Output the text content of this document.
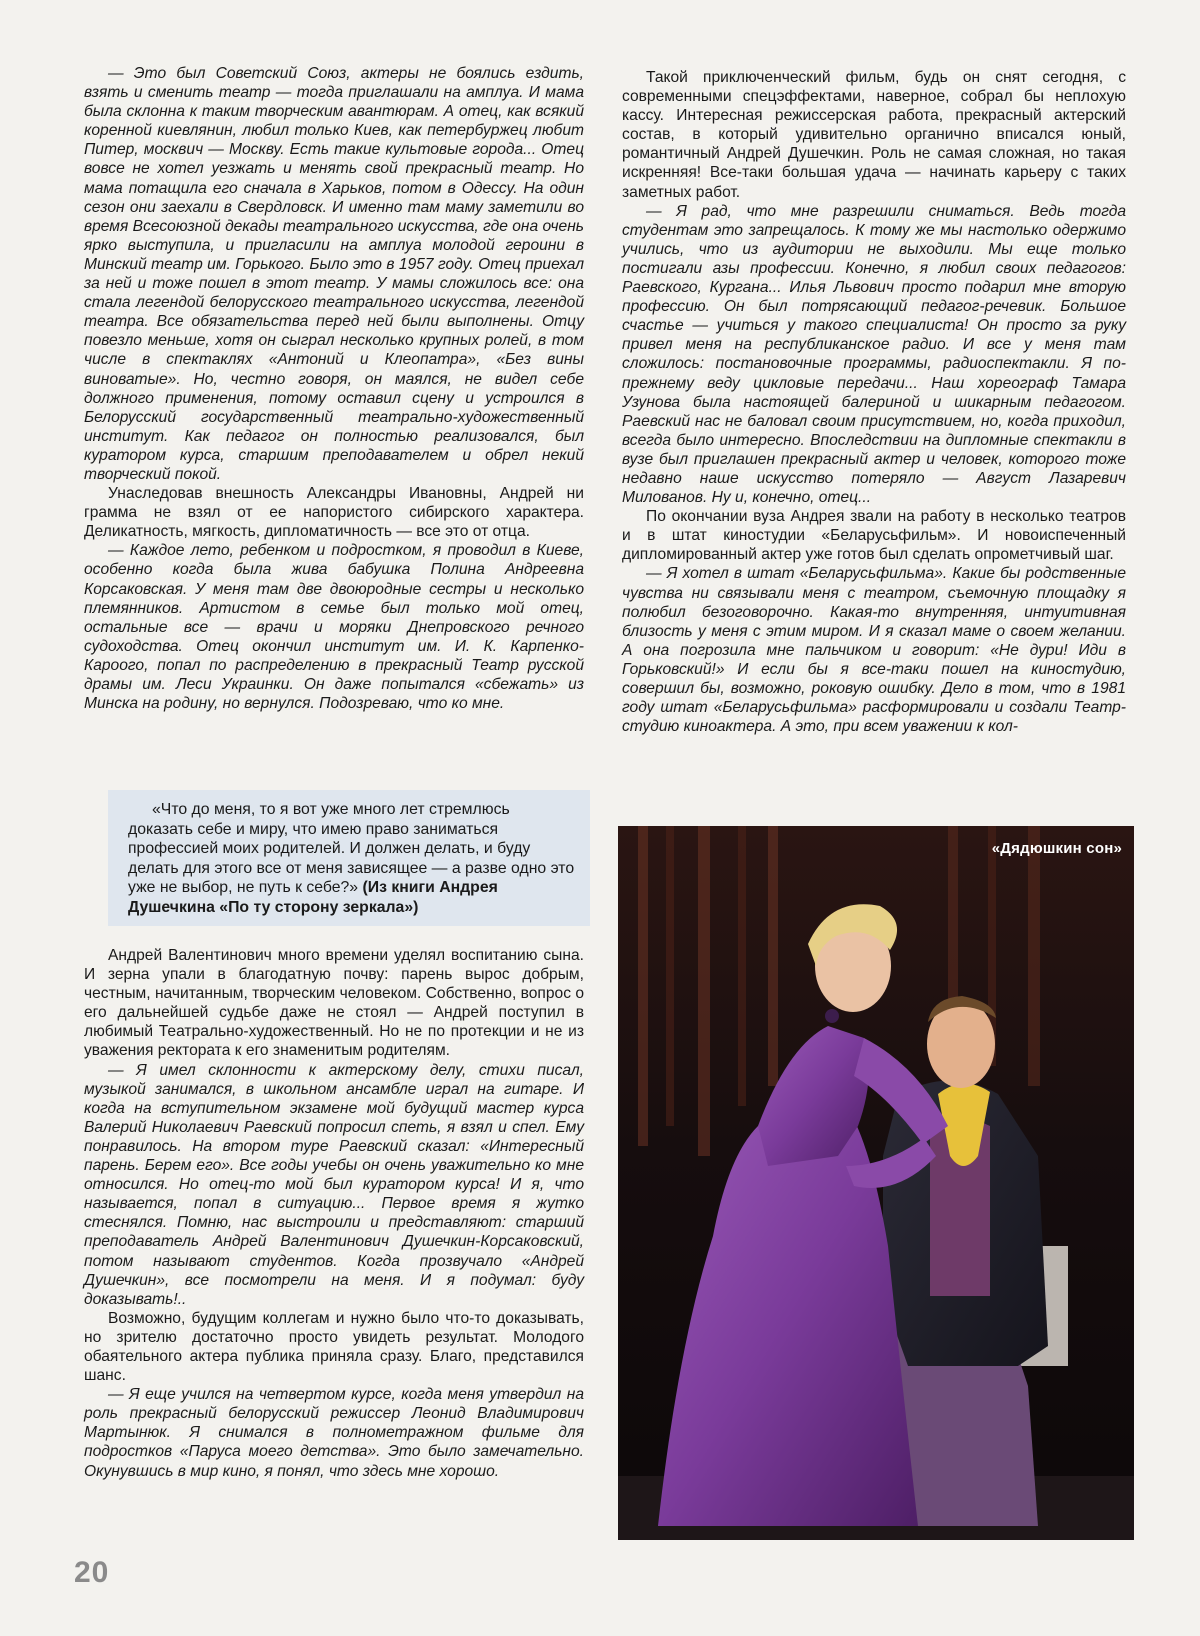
— Это был Советский Союз, актеры не боялись ездить, взять и сменить театр — тогда приглашали на амплуа. И мама была склонна к таким творческим авантюрам. А отец, как всякий коренной киевлянин, любил только Киев, как петербуржец любит Питер, москвич — Москву. Есть такие культовые города... Отец вовсе не хотел уезжать и менять свой прекрасный театр. Но мама потащила его сначала в Харьков, потом в Одессу. На один сезон они заехали в Свердловск. И именно там маму заметили во время Всесоюзной декады театрального искусства, где она очень ярко выступила, и пригласили на амплуа молодой героини в Минский театр им. Горького. Было это в 1957 году. Отец приехал за ней и тоже пошел в этот театр. У мамы сложилось все: она стала легендой белорусского театрального искусства, легендой театра. Все обязательства перед ней были выполнены. Отцу повезло меньше, хотя он сыграл несколько крупных ролей, в том числе в спектаклях «Антоний и Клеопатра», «Без вины виноватые». Но, честно говоря, он маялся, не видел себе должного применения, потому оставил сцену и устроился в Белорусский государственный театрально-художественный институт. Как педагог он полностью реализовался, был куратором курса, старшим преподавателем и обрел некий творческий покой.

Унаследовав внешность Александры Ивановны, Андрей ни грамма не взял от ее напористого сибирского характера. Деликатность, мягкость, дипломатичность — все это от отца.

— Каждое лето, ребенком и подростком, я проводил в Киеве, особенно когда была жива бабушка Полина Андреевна Корсаковская. У меня там две двоюродные сестры и несколько племянников. Артистом в семье был только мой отец, остальные все — врачи и моряки Днепровского речного судоходства. Отец окончил институт им. И. К. Карпенко-Кароого, попал по распределению в прекрасный Театр русской драмы им. Леси Украинки. Он даже попытался «сбежать» из Минска на родину, но вернулся. Подозреваю, что ко мне.

«Что до меня, то я вот уже много лет стремлюсь доказать себе и миру, что имею право заниматься профессией моих родителей. И должен делать, и буду делать для этого все от меня зависящее — а разве одно это уже не выбор, не путь к себе?» (Из книги Андрея Душечкина «По ту сторону зеркала»)

Андрей Валентинович много времени уделял воспитанию сына. И зерна упали в благодатную почву: парень вырос добрым, честным, начитанным, творческим человеком. Собственно, вопрос о его дальнейшей судьбе даже не стоял — Андрей поступил в любимый Театрально-художественный. Но не по протекции и не из уважения ректората к его знаменитым родителям.

— Я имел склонности к актерскому делу, стихи писал, музыкой занимался, в школьном ансамбле играл на гитаре. И когда на вступительном экзамене мой будущий мастер курса Валерий Николаевич Раевский попросил спеть, я взял и спел. Ему понравилось. На втором туре Раевский сказал: «Интересный парень. Берем его». Все годы учебы он очень уважительно ко мне относился. Но отец-то мой был куратором курса! И я, что называется, попал в ситуацию... Первое время я жутко стеснялся. Помню, нас выстроили и представляют: старший преподаватель Андрей Валентинович Душечкин-Корсаковский, потом называют студентов. Когда прозвучало «Андрей Душечкин», все посмотрели на меня. И я подумал: буду доказывать!..

Возможно, будущим коллегам и нужно было что-то доказывать, но зрителю достаточно просто увидеть результат. Молодого обаятельного актера публика приняла сразу. Благо, представился шанс.

— Я еще учился на четвертом курсе, когда меня утвердил на роль прекрасный белорусский режиссер Леонид Владимирович Мартынюк. Я снимался в полнометражном фильме для подростков «Паруса моего детства». Это было замечательно. Окунувшись в мир кино, я понял, что здесь мне хорошо.

Такой приключенческий фильм, будь он снят сегодня, с современными спецэффектами, наверное, собрал бы неплохую кассу. Интересная режиссерская работа, прекрасный актерский состав, в который удивительно органично вписался юный, романтичный Андрей Душечкин. Роль не самая сложная, но такая искренняя! Все-таки большая удача — начинать карьеру с таких заметных работ.

— Я рад, что мне разрешили сниматься. Ведь тогда студентам это запрещалось. К тому же мы настолько одержимо учились, что из аудитории не выходили. Мы еще только постигали азы профессии. Конечно, я любил своих педагогов: Раевского, Кургана... Илья Львович просто подарил мне вторую профессию. Он был потрясающий педагог-речевик. Большое счастье — учиться у такого специалиста! Он просто за руку привел меня на республиканское радио. И все у меня там сложилось: постановочные программы, радиоспектакли. Я по-прежнему веду цикловые передачи... Наш хореограф Тамара Узунова была настоящей балериной и шикарным педагогом. Раевский нас не баловал своим присутствием, но, когда приходил, всегда было интересно. Впоследствии на дипломные спектакли в вузе был приглашен прекрасный актер и человек, которого тоже недавно наше искусство потеряло — Август Лазаревич Милованов. Ну и, конечно, отец...

По окончании вуза Андрея звали на работу в несколько театров и в штат киностудии «Беларусьфильм». И новоиспеченный дипломированный актер уже готов был сделать опрометчивый шаг.

— Я хотел в штат «Беларусьфильма». Какие бы родственные чувства ни связывали меня с театром, съемочную площадку я полюбил безоговорочно. Какая-то внутренняя, интуитивная близость у меня с этим миром. И я сказал маме о своем желании. А она погрозила мне пальчиком и говорит: «Не дури! Иди в Горьковский!» И если бы я все-таки пошел на киностудию, совершил бы, возможно, роковую ошибку. Дело в том, что в 1981 году штат «Беларусьфильма» расформировали и создали Театр-студию киноактера. А это, при всем уважении к кол-

«Дядюшкин сон»
20
